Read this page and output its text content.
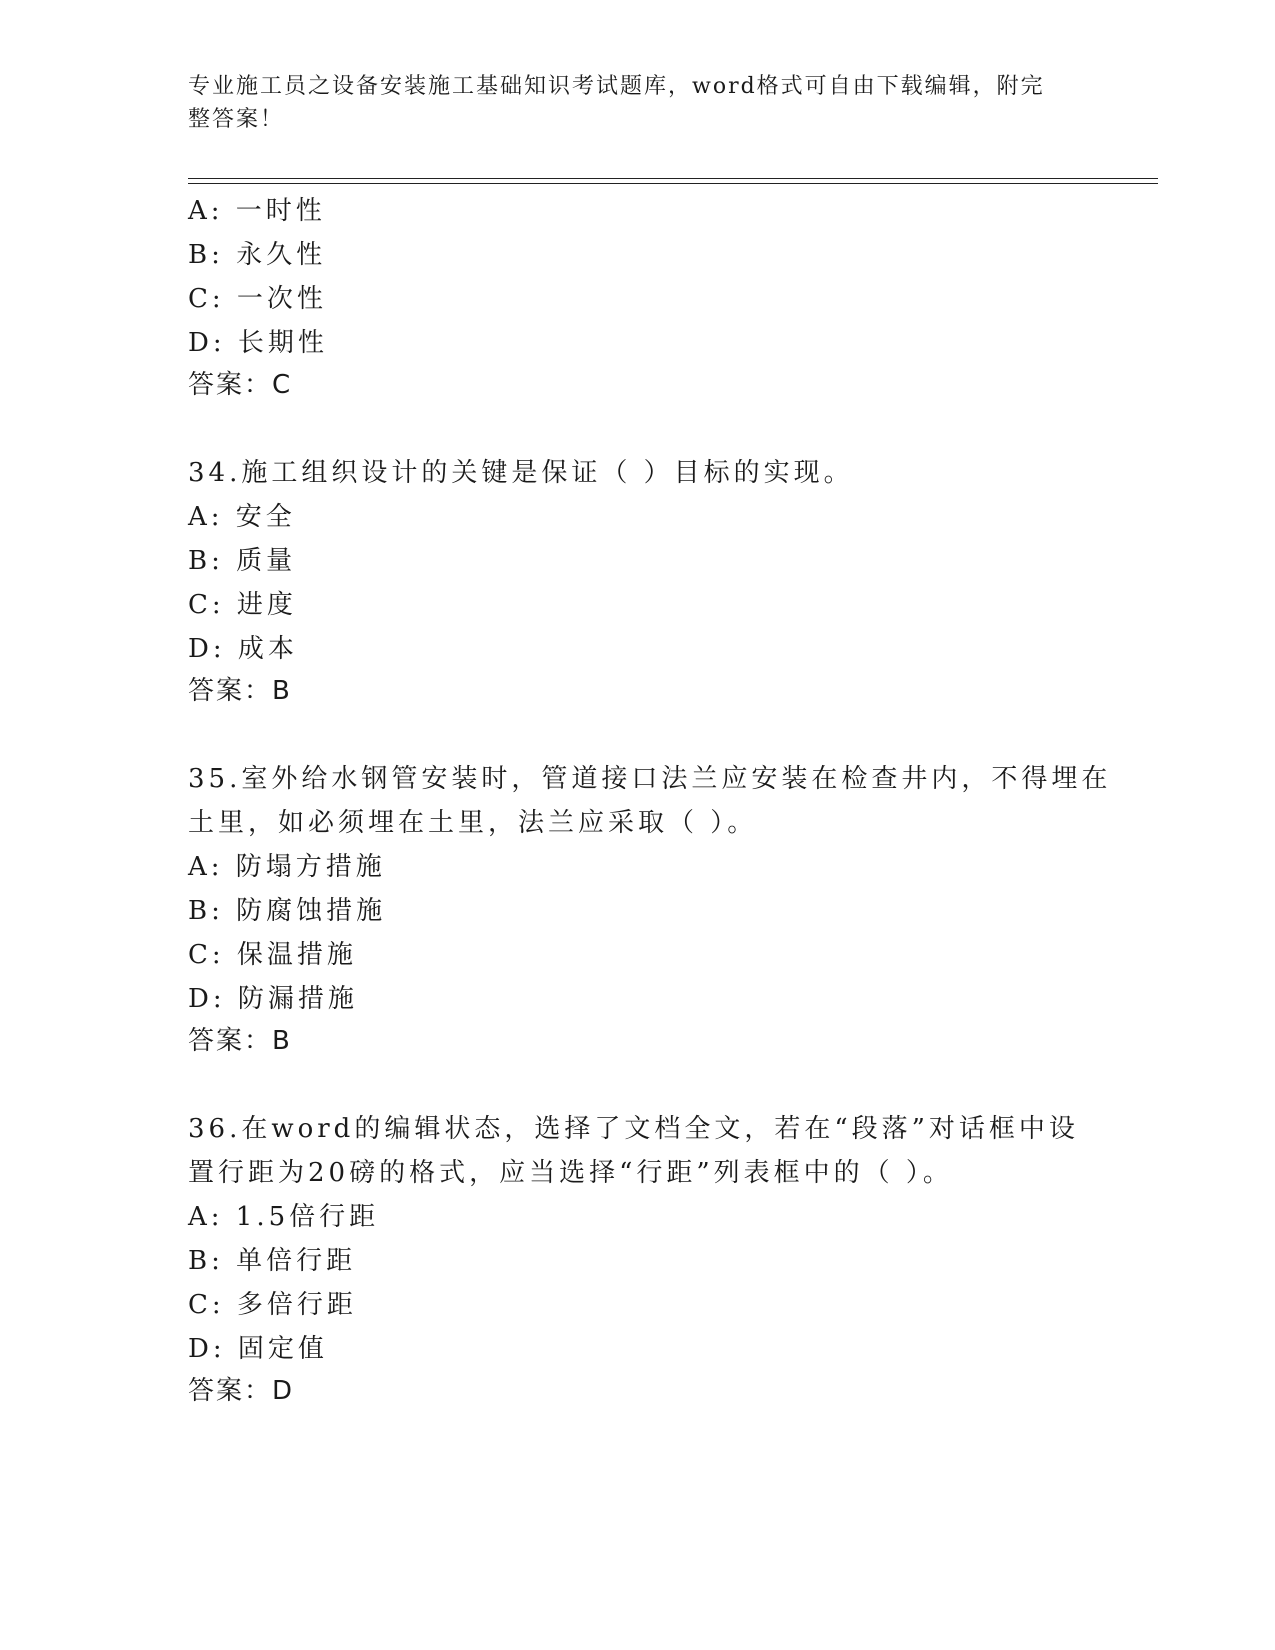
专业施工员之设备安装施工基础知识考试题库，word格式可自由下载编辑，附完
整答案！
A: 一时性
B: 永久性
C: 一次性
D: 长期性
答案：C
34.施工组织设计的关键是保证（ ）目标的实现。
A: 安全
B: 质量
C: 进度
D: 成本
答案：B
35.室外给水钢管安装时，管道接口法兰应安装在检查井内，不得埋在
土里，如必须埋在土里，法兰应采取（ ）。
A: 防塌方措施
B: 防腐蚀措施
C: 保温措施
D: 防漏措施
答案：B
36.在word的编辑状态，选择了文档全文，若在“段落”对话框中设
置行距为20磅的格式，应当选择“行距”列表框中的（ ）。
A: 1.5倍行距
B: 单倍行距
C: 多倍行距
D: 固定值
答案：D
